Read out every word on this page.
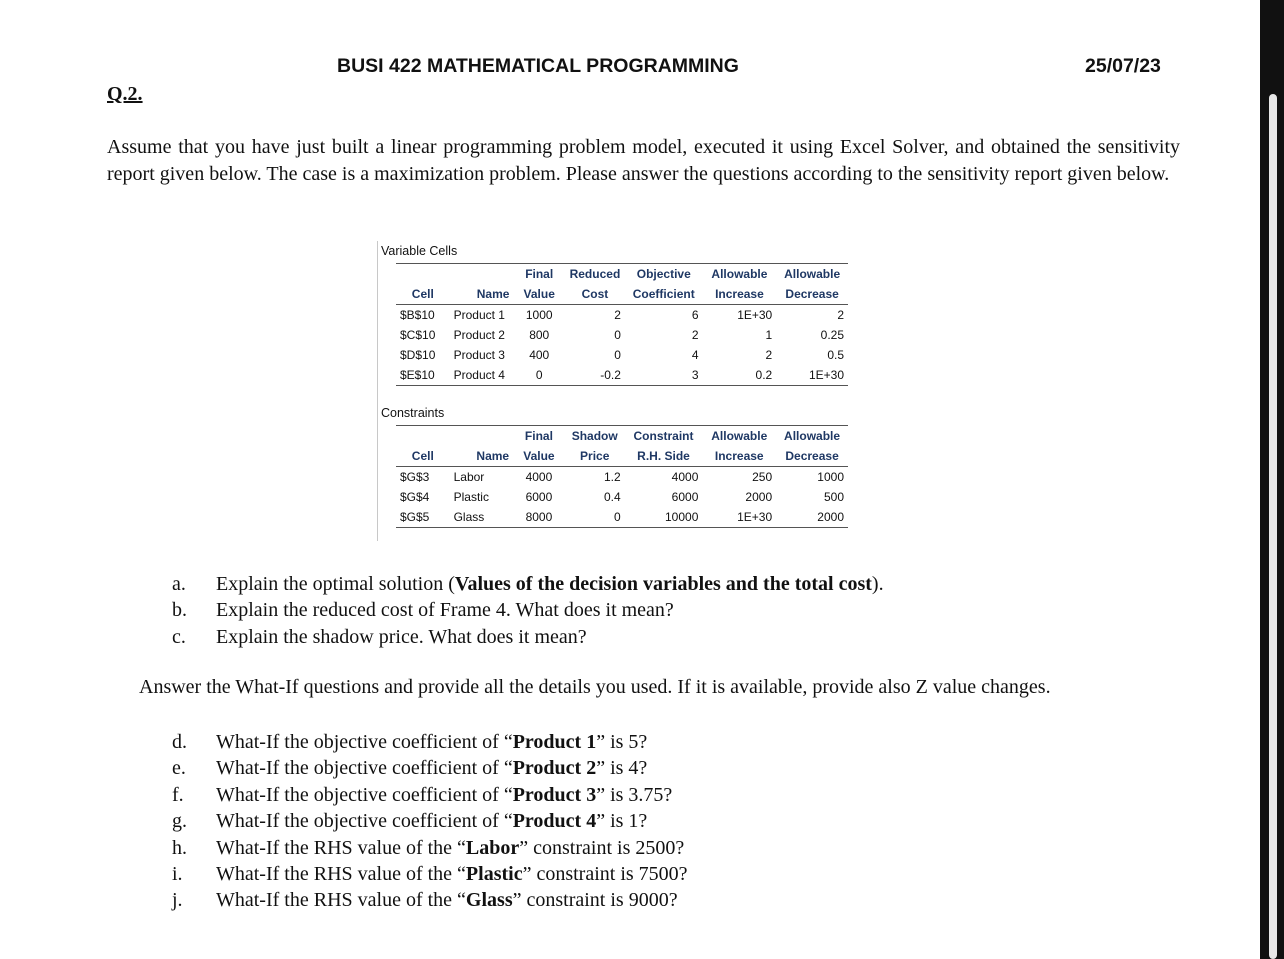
BUSI 422 MATHEMATICAL PROGRAMMING	25/07/23
Q.2.

Assume that you have just built a linear programming problem model, executed it using Excel Solver, and obtained the sensitivity report given below. The case is a maximization problem. Please answer the questions according to the sensitivity report given below.

Variable Cells
		Final	Reduced	Objective	Allowable	Allowable
Cell	Name	Value	Cost	Coefficient	Increase	Decrease
$B$10	Product 1	1000	2	6	1E+30	2
$C$10	Product 2	800	0	2	1	0.25
$D$10	Product 3	400	0	4	2	0.5
$E$10	Product 4	0	-0.2	3	0.2	1E+30
Constraints
		Final	Shadow	Constraint	Allowable	Allowable
Cell	Name	Value	Price	R.H. Side	Increase	Decrease
$G$3	Labor	4000	1.2	4000	250	1000
$G$4	Plastic	6000	0.4	6000	2000	500
$G$5	Glass	8000	0	10000	1E+30	2000
a. Explain the optimal solution (Values of the decision variables and the total cost).
b. Explain the reduced cost of Frame 4. What does it mean?
c. Explain the shadow price. What does it mean?

Answer the What-If questions and provide all the details you used. If it is available, provide also Z value changes.

d. What-If the objective coefficient of “Product 1” is 5?
e. What-If the objective coefficient of “Product 2” is 4?
f. What-If the objective coefficient of “Product 3” is 3.75?
g. What-If the objective coefficient of “Product 4” is 1?
h. What-If the RHS value of the “Labor” constraint is 2500?
i. What-If the RHS value of the “Plastic” constraint is 7500?
j. What-If the RHS value of the “Glass” constraint is 9000?
